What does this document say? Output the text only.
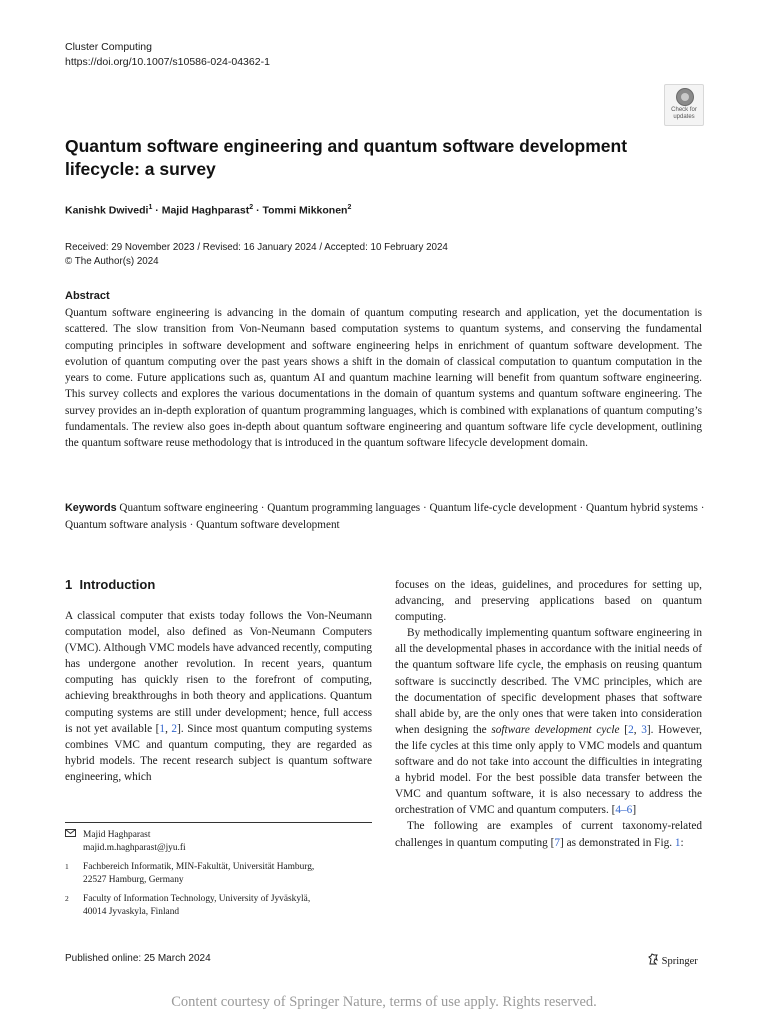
Cluster Computing
https://doi.org/10.1007/s10586-024-04362-1
Check for
updates
Quantum software engineering and quantum software development lifecycle: a survey
Kanishk Dwivedi$^1$ · Majid Haghparast$^2$ · Tommi Mikkonen$^2$
Received: 29 November 2023 / Revised: 16 January 2024 / Accepted: 10 February 2024
© The Author(s) 2024
Abstract
Quantum software engineering is advancing in the domain of quantum computing research and application, yet the documentation is scattered. The slow transition from Von-Neumann based computation systems to quantum systems, and conserving the fundamental computing principles in software development and software engineering helps in enrichment of quantum software development. The evolution of quantum computing over the past years shows a shift in the domain of classical computation to quantum computation in the years to come. Future applications such as, quantum AI and quantum machine learning will benefit from quantum software engineering. This survey collects and explores the various documentations in the domain of quantum systems and quantum software engineering. The survey provides an in-depth exploration of quantum programming languages, which is combined with explanations of quantum computing’s fundamentals. The review also goes in-depth about quantum software engineering and quantum software life cycle development, outlining the quantum software reuse methodology that is introduced in the quantum software lifecycle development domain.
Keywords Quantum software engineering · Quantum programming languages · Quantum life-cycle development · Quantum hybrid systems · Quantum software analysis · Quantum software development
1 Introduction

A classical computer that exists today follows the Von-Neumann computation model, also defined as Von-Neumann Computers (VMC). Although VMC models have advanced recently, computing has undergone another revolution. In recent years, quantum computing has quickly risen to the forefront of computing, achieving breakthroughs in both theory and applications. Quantum computing systems are still under development; hence, full access is not yet available [1, 2]. Since most quantum computing systems combines VMC and quantum computing, they are regarded as hybrid models. The recent research subject is quantum software engineering, which

focuses on the ideas, guidelines, and procedures for setting up, advancing, and preserving applications based on quantum computing.

By methodically implementing quantum software engineering in all the developmental phases in accordance with the initial needs of the quantum software life cycle, the emphasis on reusing quantum software is succinctly described. The VMC principles, which are the documentation of specific development phases that software shall abide by, are the only ones that were taken into consideration when designing the software development cycle [2, 3]. However, the life cycles at this time only apply to VMC models and quantum software and do not take into account the difficulties in integrating a hybrid model. For the best possible data transfer between the VMC and quantum software, it is also necessary to address the orchestration of VMC and quantum computers. [4–6]

The following are examples of current taxonomy-related challenges in quantum computing [7] as demonstrated in Fig. 1:

Majid Haghparast
majid.m.haghparast@jyu.fi
1	Fachbereich Informatik, MIN-Fakultät, Universität Hamburg,
22527 Hamburg, Germany
2	Faculty of Information Technology, University of Jyväskylä,
40014 Jyvaskyla, Finland
Published online: 25 March 2024	Springer
Content courtesy of Springer Nature, terms of use apply. Rights reserved.
